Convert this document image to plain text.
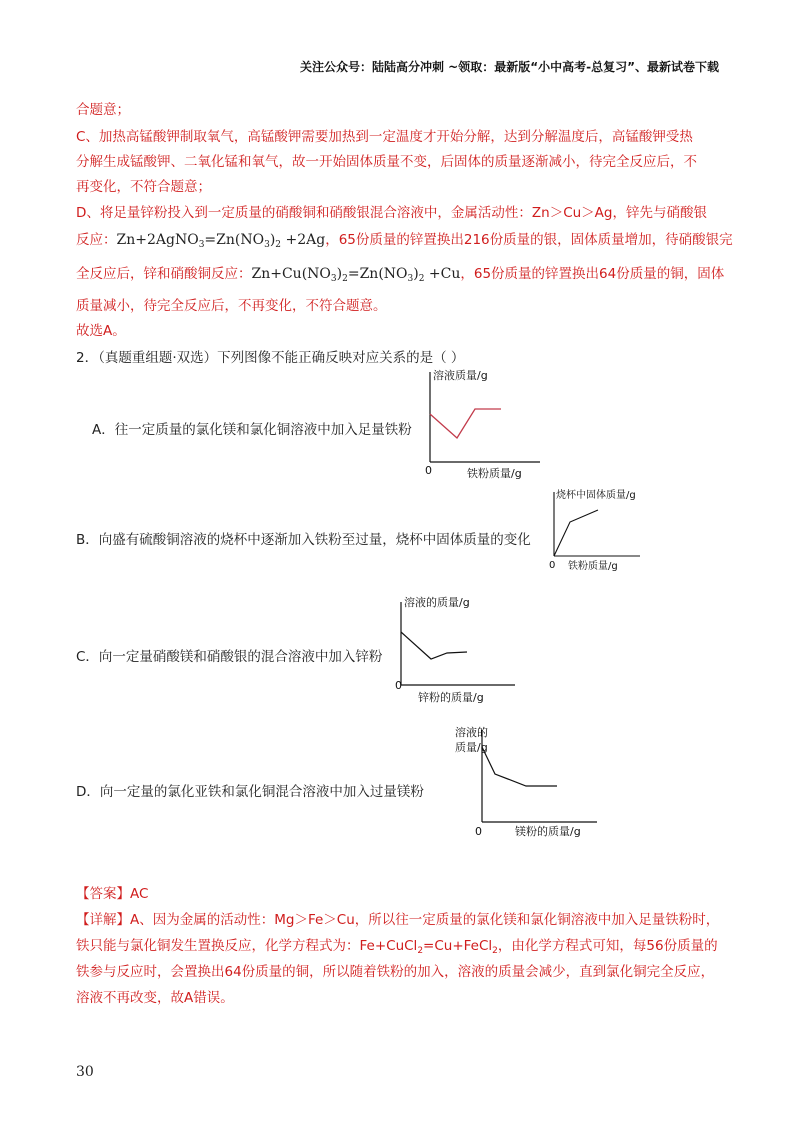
关注公众号：陆陆高分冲刺 ~领取：最新版“小中高考-总复习”、最新试卷下载
合题意；
C、加热高锰酸钾制取氧气，高锰酸钾需要加热到一定温度才开始分解，达到分解温度后，高锰酸钾受热
分解生成锰酸钾、二氧化锰和氧气，故一开始固体质量不变，后固体的质量逐渐减小，待完全反应后，不
再变化，不符合题意；
D、将足量锌粉投入到一定质量的硝酸铜和硝酸银混合溶液中，金属活动性：Zn＞Cu＞Ag，锌先与硝酸银
反应：$Zn+2AgNO_3=Zn(NO_3)_2 +2Ag$，65份质量的锌置换出216份质量的银，固体质量增加，待硝酸银完
全反应后，锌和硝酸铜反应：$Zn+Cu(NO_3)_2=Zn(NO_3)_2 +Cu$，65份质量的锌置换出64份质量的铜，固体
质量减小，待完全反应后，不再变化，不符合题意。
故选A。
2．（真题重组题·双选）下列图像不能正确反映对应关系的是（ ）
A．往一定质量的氯化镁和氯化铜溶液中加入足量铁粉
溶液质量/g
0	铁粉质量/g
B．向盛有硫酸铜溶液的烧杯中逐渐加入铁粉至过量，烧杯中固体质量的变化
烧杯中固体质量/g
0 铁粉质量/g
C．向一定量硝酸镁和硝酸银的混合溶液中加入锌粉
溶液的质量/g
0
锌粉的质量/g
D．向一定量的氯化亚铁和氯化铜混合溶液中加入过量镁粉
溶液的
质量/g
0	镁粉的质量/g
【答案】AC
【详解】A、因为金属的活动性：Mg＞Fe＞Cu，所以往一定质量的氯化镁和氯化铜溶液中加入足量铁粉时，
铁只能与氯化铜发生置换反应，化学方程式为：Fe+CuCl$_2$=Cu+FeCl$_2$，由化学方程式可知，每56份质量的
铁参与反应时，会置换出64份质量的铜，所以随着铁粉的加入，溶液的质量会减少，直到氯化铜完全反应，
溶液不再改变，故A错误。
30
